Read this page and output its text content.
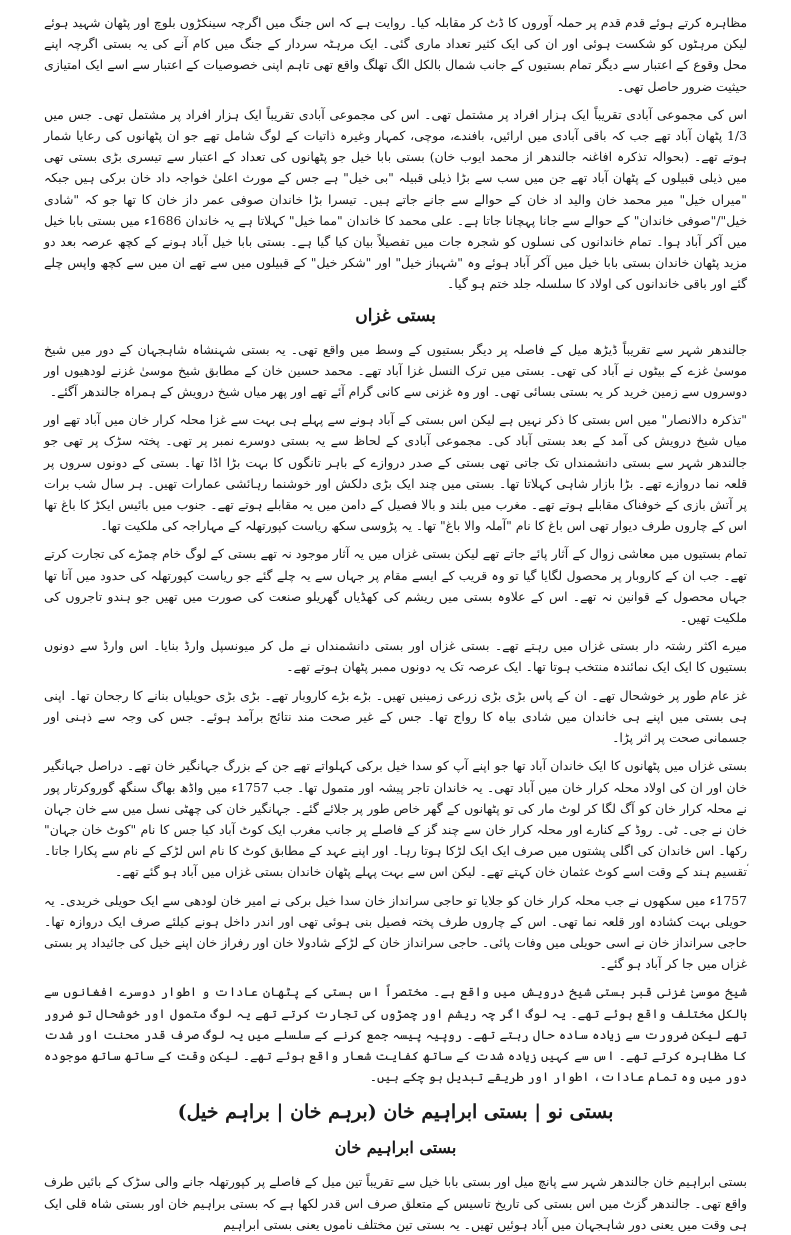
مظاہرہ کرتے ہوئے قدم قدم پر حملہ آوروں کا ڈٹ کر مقابلہ کیا۔ روایت ہے کہ اس جنگ میں اگرچہ سینکڑوں بلوچ اور پٹھان شہید ہوئے لیکن مرہٹوں کو شکست ہوئی اور ان کی ایک کثیر تعداد ماری گئی۔ ایک مرہٹہ سردار کے جنگ میں کام آنے کی یہ بستی اگرچہ اپنے محل وقوع کے اعتبار سے دیگر تمام بستیوں کے جانب شمال بالکل الگ تھلگ واقع تھی تاہم اپنی خصوصیات کے اعتبار سے اسے ایک امتیازی حیثیت ضرور حاصل تھی۔

اس کی مجموعی آبادی تقریباً ایک ہزار افراد پر مشتمل تھی۔ اس کی مجموعی آبادی تقریباً ایک ہزار افراد پر مشتمل تھی۔ جس میں 1/3 پٹھان آباد تھے جب کہ باقی آبادی میں ارائیں، بافندے، موچی، کمہار وغیرہ ذاتیات کے لوگ شامل تھے جو ان پٹھانوں کی رعایا شمار ہوتے تھے۔ (بحوالہ تذکرہ افاغنہ جالندھر از محمد ایوب خان) بستی بابا خیل جو پٹھانوں کی تعداد کے اعتبار سے تیسری بڑی بستی تھی میں ذیلی قبیلوں کے پٹھان آباد تھے جن میں سب سے بڑا ذیلی قبیلہ "بی خیل" ہے جس کے مورث اعلیٰ خواجہ داد خان برکی ہیں جبکہ "میراں خیل" میر محمد خان والید اد خان کے حوالے سے جانے جاتے ہیں۔ تیسرا بڑا خاندان صوفی عمر داز خان کا تھا جو کہ "شادی خیل"/"صوفی خاندان" کے حوالے سے جانا پہچانا جاتا ہے۔ علی محمد کا خاندان "مما خیل" کہلاتا ہے یہ خاندان 1686ء میں بستی بابا خیل میں آکر آباد ہوا۔ تمام خاندانوں کی نسلوں کو شجرہ جات میں تفصیلاً بیان کیا گیا ہے۔ بستی بابا خیل آباد ہونے کے کچھ عرصہ بعد دو مزید پٹھان خاندان بستی بابا خیل میں آکر آباد ہوئے وہ "شہباز خیل" اور "شکر خیل" کے قبیلوں میں سے تھے ان میں سے کچھ واپس چلے گئے اور باقی خاندانوں کی اولاد کا سلسلہ جلد ختم ہو گیا۔

بستی غزاں

جالندھر شہر سے تقریباً ڈیڑھ میل کے فاصلہ پر دیگر بستیوں کے وسط میں واقع تھی۔ یہ بستی شہنشاہ شاہجہان کے دور میں شیخ موسیٰ غزے کے بیٹوں نے آباد کی تھی۔ بستی میں ترک النسل غزا آباد تھے۔ محمد حسین خان کے مطابق شیخ موسیٰ غزنے لودھیوں اور دوسروں سے زمین خرید کر یہ بستی بسائی تھی۔ اور وہ غزنی سے کانی گرام آئے تھے اور پھر میاں شیخ درویش کے ہمراہ جالندھر آگئے۔

"تذکرہ دالانصار" میں اس بستی کا ذکر نہیں ہے لیکن اس بستی کے آباد ہونے سے پہلے ہی بہت سے غزا محلہ کرار خان میں آباد تھے اور میاں شیخ درویش کی آمد کے بعد بستی آباد کی۔ مجموعی آبادی کے لحاظ سے یہ بستی دوسرے نمبر پر تھی۔ پختہ سڑک پر تھی جو جالندھر شہر سے بستی دانشمنداں تک جاتی تھی بستی کے صدر دروازے کے باہر تانگوں کا بہت بڑا اڈا تھا۔ بستی کے دونوں سروں پر قلعہ نما دروازے تھے۔ بڑا بازار شاہی کہلاتا تھا۔ بستی میں چند ایک بڑی دلکش اور خوشنما رہائشی عمارات تھیں۔ ہر سال شب برات پر آتش بازی کے خوفناک مقابلے ہوتے تھے۔ مغرب میں بلند و بالا فصیل کے دامن میں یہ مقابلے ہوتے تھے۔ جنوب میں بائیس ایکڑ کا باغ تھا اس کے چاروں طرف دیوار تھی اس باغ کا نام "آملہ والا باغ" تھا۔ یہ پڑوسی سکھ ریاست کپورتھلہ کے مہاراجہ کی ملکیت تھا۔

تمام بستیوں میں معاشی زوال کے آثار پائے جاتے تھے لیکن بستی غزاں میں یہ آثار موجود نہ تھے بستی کے لوگ خام چمڑے کی تجارت کرتے تھے۔ جب ان کے کاروبار پر محصول لگایا گیا تو وہ قریب کے ایسے مقام پر جہاں سے یہ چلے گئے جو ریاست کپورتھلہ کی حدود میں آتا تھا جہاں محصول کے قوانین نہ تھے۔ اس کے علاوہ بستی میں ریشم کی کھڈیاں گھریلو صنعت کی صورت میں تھیں جو ہندو تاجروں کی ملکیت تھیں۔

میرے اکثر رشتہ دار بستی غزاں میں رہتے تھے۔ بستی غزاں اور بستی دانشمنداں نے مل کر میونسپل وارڈ بنایا۔ اس وارڈ سے دونوں بستیوں کا ایک ایک نمائندہ منتخب ہوتا تھا۔ ایک عرصہ تک یہ دونوں ممبر پٹھان ہوتے تھے۔

غز عام طور پر خوشحال تھے۔ ان کے پاس بڑی بڑی زرعی زمینیں تھیں۔ بڑے بڑے کاروبار تھے۔ بڑی بڑی حویلیاں بنانے کا رجحان تھا۔ اپنی ہی بستی میں اپنے ہی خاندان میں شادی بیاہ کا رواج تھا۔ جس کے غیر صحت مند نتائج برآمد ہوئے۔ جس کی وجہ سے ذہنی اور جسمانی صحت پر اثر پڑا۔

بستی غزاں میں پٹھانوں کا ایک خاندان آباد تھا جو اپنے آپ کو سدا خیل برکی کہلواتے تھے جن کے بزرگ جہانگیر خان تھے۔ دراصل جہانگیر خان اور ان کی اولاد محلہ کرار خان میں آباد تھی۔ یہ خاندان تاجر پیشہ اور متمول تھا۔ جب 1757ء میں واڈھ بھاگ سنگھ گوروکرتار پور نے محلہ کرار خان کو آگ لگا کر لوٹ مار کی تو پٹھانوں کے گھر خاص طور پر جلائے گئے۔ جہانگیر خان کی چھٹی نسل میں سے خان جہان خان نے جی۔ ٹی۔ روڈ کے کنارے اور محلہ کرار خان سے چند گز کے فاصلے پر جانب مغرب ایک کوٹ آباد کیا جس کا نام "کوٹ خان جہان" رکھا۔ اس خاندان کی اگلی پشتوں میں صرف ایک ایک لڑکا ہوتا رہا۔ اور اپنے عہد کے مطابق کوٹ کا نام اس لڑکے کے نام سے پکارا جاتا۔ تقسیم ہند کے وقت اسے کوٹ عثمان خان کہتے تھے۔ لیکن اس سے بہت پہلے پٹھان خاندان بستی غزاں میں آباد ہو گئے تھے۔

1757ء میں سکھوں نے جب محلہ کرار خان کو جلایا تو حاجی سرانداز خان سدا خیل برکی نے امیر خان لودھی سے ایک حویلی خریدی۔ یہ حویلی بہت کشادہ اور قلعہ نما تھی۔ اس کے چاروں طرف پختہ فصیل بنی ہوئی تھی اور اندر داخل ہونے کیلئے صرف ایک دروازہ تھا۔ حاجی سرانداز خان نے اسی حویلی میں وفات پائی۔ حاجی سرانداز خان کے لڑکے شادولا خان اور رفراز خان اپنے خیل کی جائیداد پر بستی غزاں میں جا کر آباد ہو گئے۔

شیخ موسیٰ غزنی قبر بستی شیخ درویش میں واقع ہے۔ مختصراً اس بستی کے پٹھان عادات و اطوار دوسرے افغانوں سے بالکل مختلف واقع ہوئے تھے۔ یہ لوگ اگر چہ ریشم اور چمڑوں کی تجارت کرتے تھے یہ لوگ متمول اور خوشحال تو ضرور تھے لیکن ضرورت سے زیادہ سادہ حال رہتے تھے۔ روپیہ پیسہ جمع کرنے کے سلسلے میں یہ لوگ صرف قدر محنت اور شدت کا مظاہرہ کرتے تھے۔ اس سے کہیں زیادہ شدت کے ساتھ کفایت شعار واقع ہوئے تھے۔ لیکن وقت کے ساتھ ساتھ موجودہ دور میں وہ تمام عادات، اطوار اور طریقے تبدیل ہو چکے ہیں۔

بستی نو | بستی ابراہیم خان (برہم خان | براہم خیل)
بستی ابراہیم خان

بستی ابراہیم خان جالندھر شہر سے پانچ میل اور بستی بابا خیل سے تقریباً تین میل کے فاصلے پر کپورتھلہ جانے والی سڑک کے بائیں طرف واقع تھی۔ جالندھر گزٹ میں اس بستی کی تاریخ تاسیس کے متعلق صرف اس قدر لکھا ہے کہ بستی براہیم خان اور بستی شاہ قلی ایک ہی وقت میں یعنی دور شاہجہان میں آباد ہوئیں تھیں۔ یہ بستی تین مختلف ناموں یعنی بستی ابراہیم

،
